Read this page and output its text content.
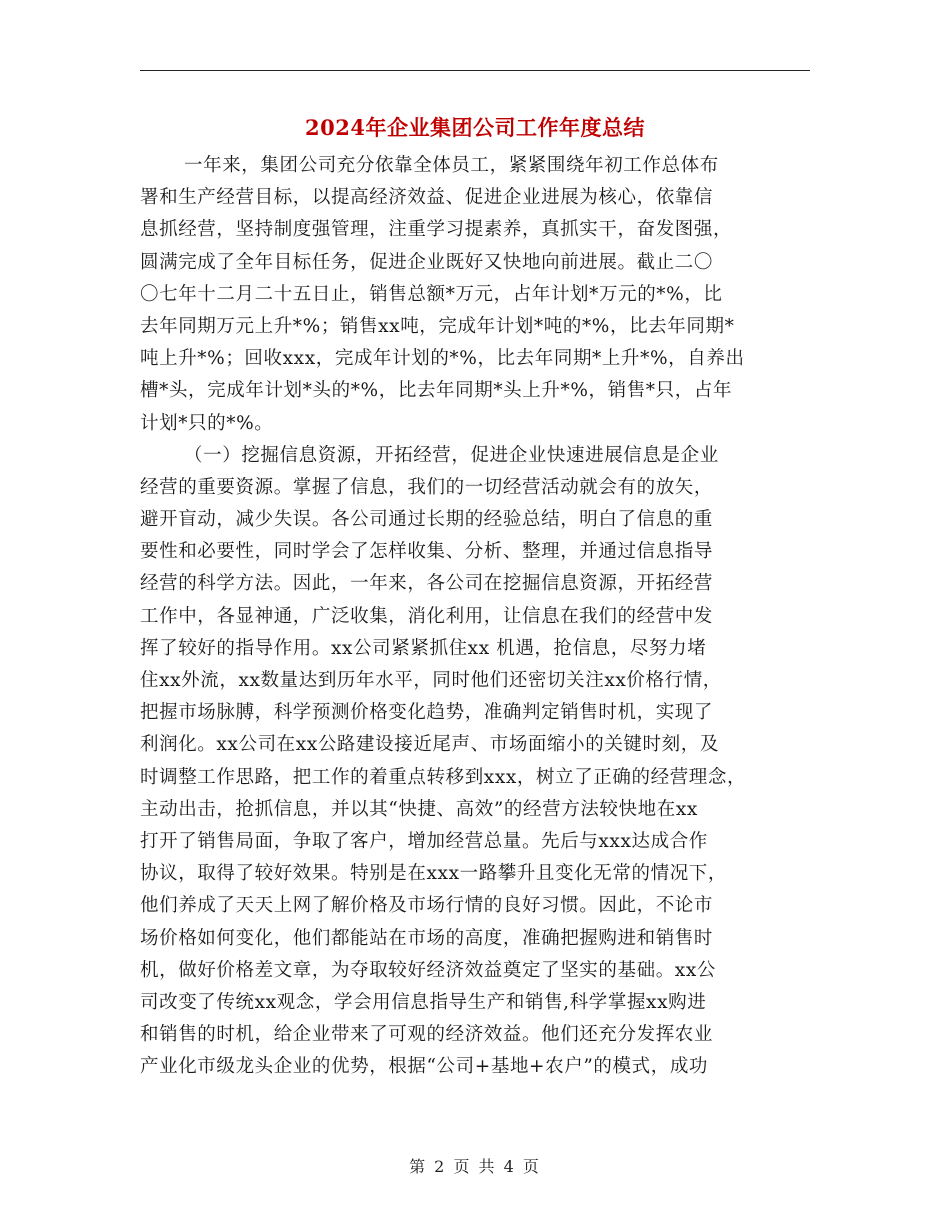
2024年企业集团公司工作年度总结
一年来，集团公司充分依靠全体员工，紧紧围绕年初工作总体布
署和生产经营目标，以提高经济效益、促进企业进展为核心，依靠信
息抓经营，坚持制度强管理，注重学习提素养，真抓实干，奋发图强，
圆满完成了全年目标任务，促进企业既好又快地向前进展。截止二〇
〇七年十二月二十五日止，销售总额*万元，占年计划*万元的*%，比
去年同期万元上升*%；销售xx吨，完成年计划*吨的*%，比去年同期*
吨上升*%；回收xxx，完成年计划的*%，比去年同期*上升*%，自养出
槽*头，完成年计划*头的*%，比去年同期*头上升*%，销售*只，占年
计划*只的*%。
（一）挖掘信息资源，开拓经营，促进企业快速进展信息是企业
经营的重要资源。掌握了信息，我们的一切经营活动就会有的放矢，
避开盲动，减少失误。各公司通过长期的经验总结，明白了信息的重
要性和必要性，同时学会了怎样收集、分析、整理，并通过信息指导
经营的科学方法。因此，一年来，各公司在挖掘信息资源，开拓经营
工作中，各显神通，广泛收集，消化利用，让信息在我们的经营中发
挥了较好的指导作用。xx公司紧紧抓住xx 机遇，抢信息，尽努力堵
住xx外流，xx数量达到历年水平，同时他们还密切关注xx价格行情，
把握市场脉膊，科学预测价格变化趋势，准确判定销售时机，实现了
利润化。xx公司在xx公路建设接近尾声、市场面缩小的关键时刻，及
时调整工作思路，把工作的着重点转移到xxx，树立了正确的经营理念，
主动出击，抢抓信息，并以其“快捷、高效”的经营方法较快地在xx
打开了销售局面，争取了客户，增加经营总量。先后与xxx达成合作
协议，取得了较好效果。特别是在xxx一路攀升且变化无常的情况下，
他们养成了天天上网了解价格及市场行情的良好习惯。因此，不论市
场价格如何变化，他们都能站在市场的高度，准确把握购进和销售时
机，做好价格差文章，为夺取较好经济效益奠定了坚实的基础。xx公
司改变了传统xx观念，学会用信息指导生产和销售,科学掌握xx购进
和销售的时机，给企业带来了可观的经济效益。他们还充分发挥农业
产业化市级龙头企业的优势，根据“公司+基地+农户”的模式，成功
第 2 页 共 4 页
